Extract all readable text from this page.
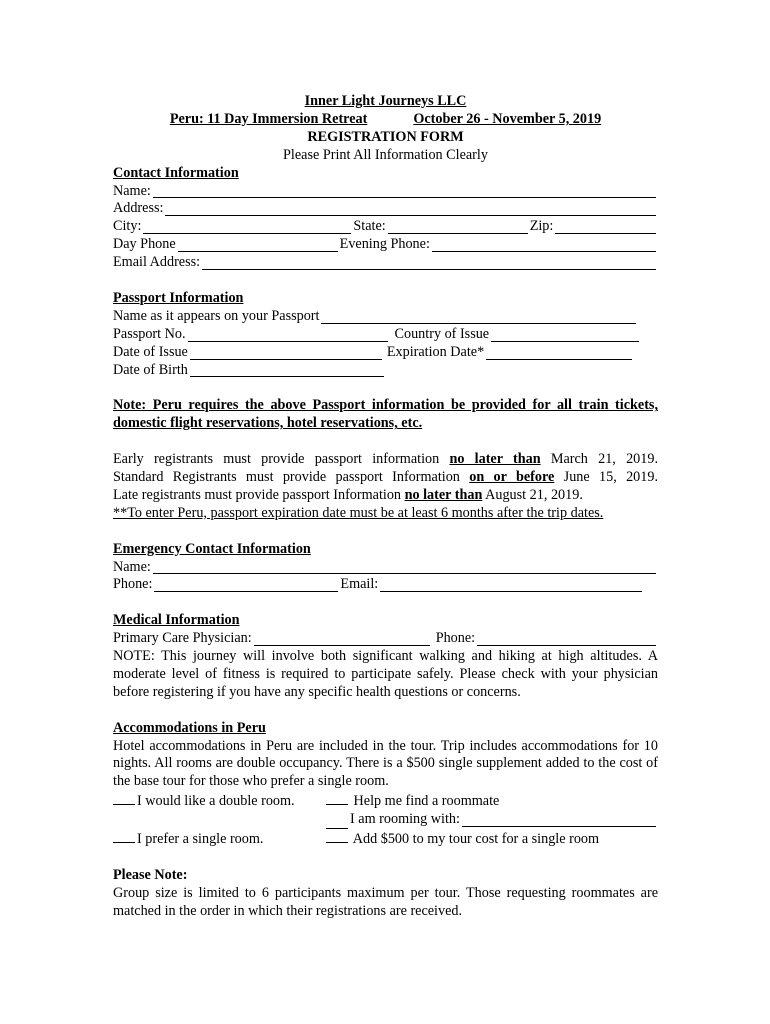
Inner Light Journeys LLC
Peru: 11 Day Immersion Retreat	October 26 - November 5, 2019
REGISTRATION FORM
Please Print All Information Clearly
Contact Information
Name:
Address:
City:	State:	Zip:
Day Phone	Evening Phone:
Email Address:
Passport Information
Name as it appears on your Passport
Passport No.	Country of Issue
Date of Issue	Expiration Date*
Date of Birth
Note: Peru requires the above Passport information be provided for all train tickets, domestic flight reservations, hotel reservations, etc.
Early registrants must provide passport information no later than March 21, 2019.
Standard Registrants must provide passport Information on or before June 15, 2019.
Late registrants must provide passport Information no later than August 21, 2019.
**To enter Peru, passport expiration date must be at least 6 months after the trip dates.
Emergency Contact Information
Name:
Phone:	Email:
Medical Information
Primary Care Physician:	Phone:
NOTE: This journey will involve both significant walking and hiking at high altitudes. A moderate level of fitness is required to participate safely. Please check with your physician before registering if you have any specific health questions or concerns.
Accommodations in Peru
Hotel accommodations in Peru are included in the tour. Trip includes accommodations for 10 nights. All rooms are double occupancy. There is a $500 single supplement added to the cost of the base tour for those who prefer a single room.
I would like a double room.	Help me find a roommate
I am rooming with:
I prefer a single room.	Add $500 to my tour cost for a single room
Please Note:
Group size is limited to 6 participants maximum per tour. Those requesting roommates are matched in the order in which their registrations are received.
